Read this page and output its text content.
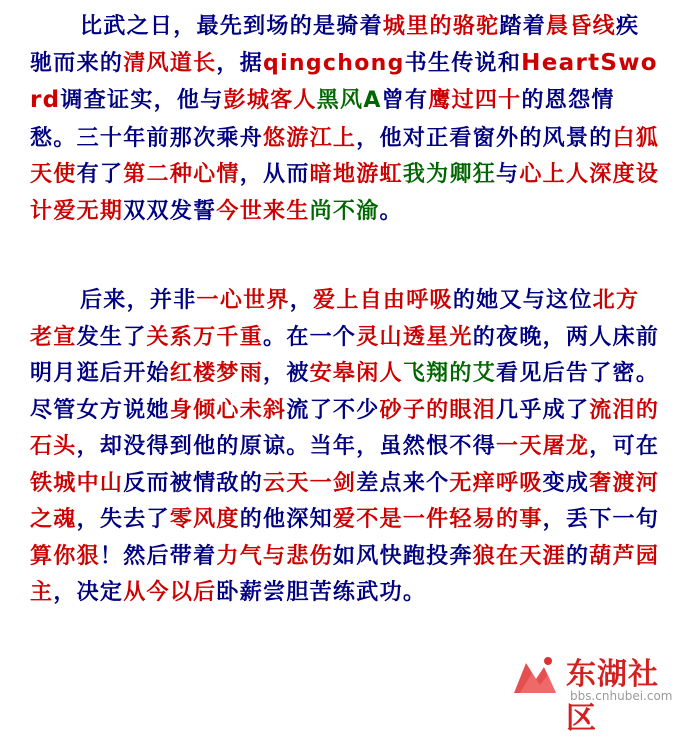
比武之日，最先到场的是骑着城里的骆驼踏着晨昏线疾驰而来的清风道长，据qingchong书生传说和HeartSword调查证实，他与彭城客人黑风A曾有鹰过四十的恩怨情愁。三十年前那次乘舟悠游江上，他对正看窗外的风景的白狐天使有了第二种心情，从而暗地游虹我为卿狂与心上人深度设计爱无期双双发誓今世来生尚不渝。
后来，并非一心世界，爱上自由呼吸的她又与这位北方老宣发生了关系万千重。在一个灵山透星光的夜晚，两人床前明月逛后开始红楼梦雨，被安皋闲人飞翔的艾看见后告了密。尽管女方说她身倾心未斜流了不少砂子的眼泪几乎成了流泪的石头，却没得到他的原谅。当年，虽然恨不得一天屠龙，可在铁城中山反而被情敌的云天一剑差点来个无痒呼吸变成奢渡河之魂，失去了零风度的他深知爱不是一件轻易的事，丢下一句算你狠！然后带着力气与悲伤如风快跑投奔狼在天涯的葫芦园主，决定从今以后卧薪尝胆苦练武功。
东湖社区
bbs.cnhubei.com
